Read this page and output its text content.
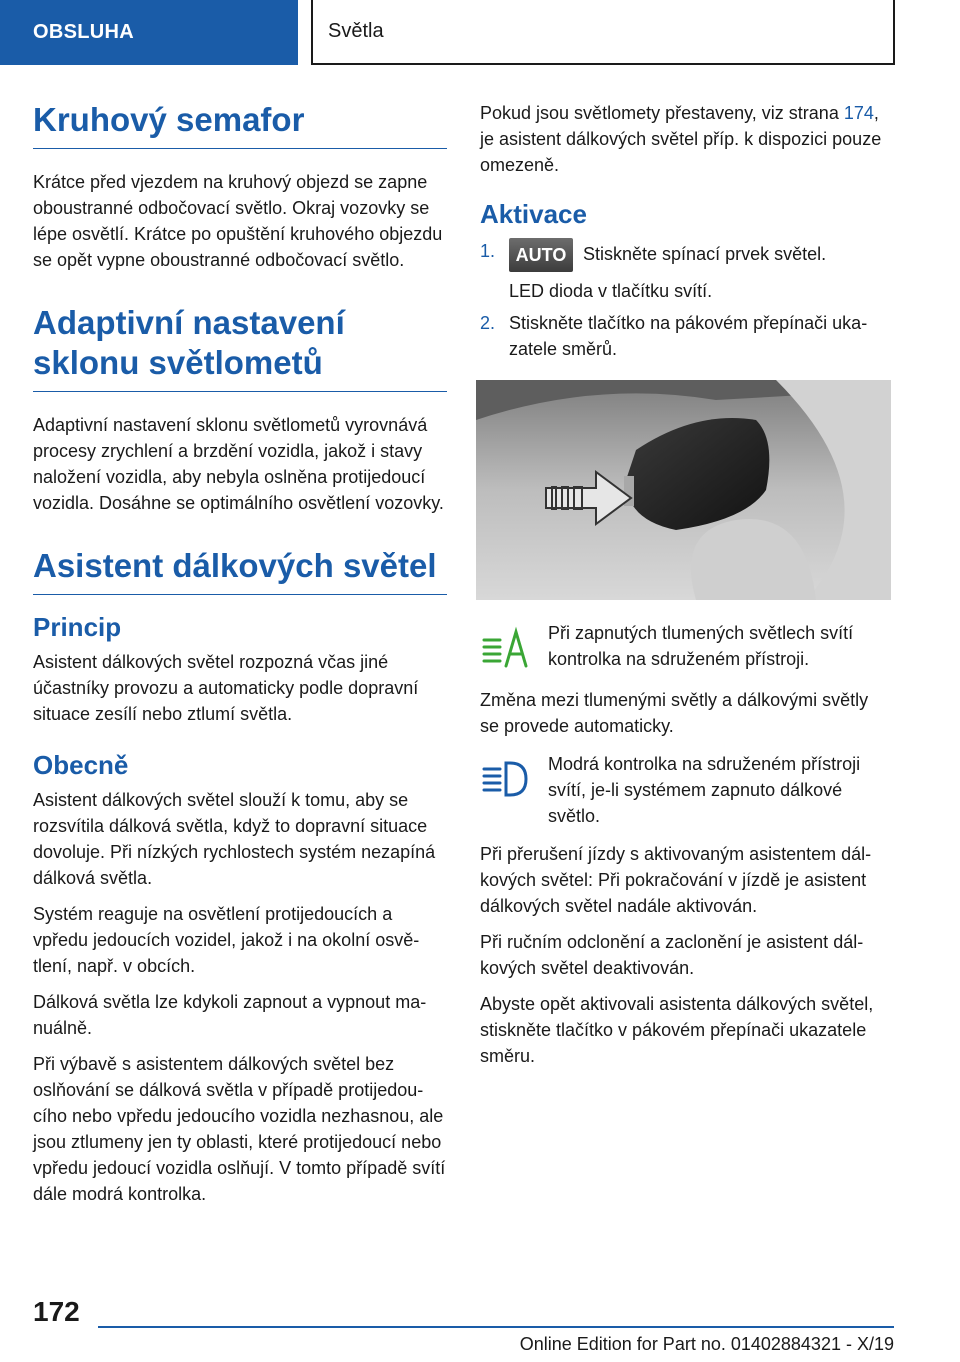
OBSLUHA	Světla
Kruhový semafor

Krátce před vjezdem na kruhový objezd se zapne oboustranné odbočovací světlo. Okraj vozovky se lépe osvětlí. Krátce po opuštění kruhového objezdu se opět vypne oboustranné odbočovací světlo.

Adaptivní nastavení sklonu světlometů

Adaptivní nastavení sklonu světlometů vyrovnává procesy zrychlení a brzdění vozidla, jakož i stavy naložení vozidla, aby nebyla oslněna protijedoucí vozidla. Dosáhne se optimálního osvětlení vozovky.

Asistent dálkových světel
Princip

Asistent dálkových světel rozpozná včas jiné účastníky provozu a automaticky podle dopravní situace zesílí nebo ztlumí světla.

Obecně

Asistent dálkových světel slouží k tomu, aby se rozsvítila dálková světla, když to dopravní situace dovoluje. Při nízkých rychlostech systém nezapíná dálková světla.

Systém reaguje na osvětlení protijedoucích a vpředu jedoucích vozidel, jakož i na okolní osvětlení, např. v obcích.

Dálková světla lze kdykoli zapnout a vypnout manuálně.

Při výbavě s asistentem dálkových světel bez oslňování se dálková světla v případě protijedoucího nebo vpředu jedoucího vozidla nezhasnou, ale jsou ztlumeny jen ty oblasti, které protijedoucí nebo vpředu jedoucí vozidla oslňují. V tomto případě svítí dále modrá kontrolka.

Pokud jsou světlomety přestaveny, viz strana 174, je asistent dálkových světel příp. k dispozici pouze omezeně.

Aktivace
1.	AUTO Stiskněte spínací prvek světel.
LED dioda v tlačítku svítí.
2. Stiskněte tlačítko na pákovém přepínači ukazatele směrů.

Při zapnutých tlumených světlech svítí kontrolka na sdruženém přístroji.

Změna mezi tlumenými světly a dálkovými světly se provede automaticky.

Modrá kontrolka na sdruženém přístroji svítí, je-li systémem zapnuto dálkové světlo.

Při přerušení jízdy s aktivovaným asistentem dálkových světel: Při pokračování v jízdě je asistent dálkových světel nadále aktivován.

Při ručním odclonění a zaclonění je asistent dálkových světel deaktivován.

Abyste opět aktivovali asistenta dálkových světel, stiskněte tlačítko v pákovém přepínači ukazatele směru.

172
Online Edition for Part no. 01402884321 - X/19
